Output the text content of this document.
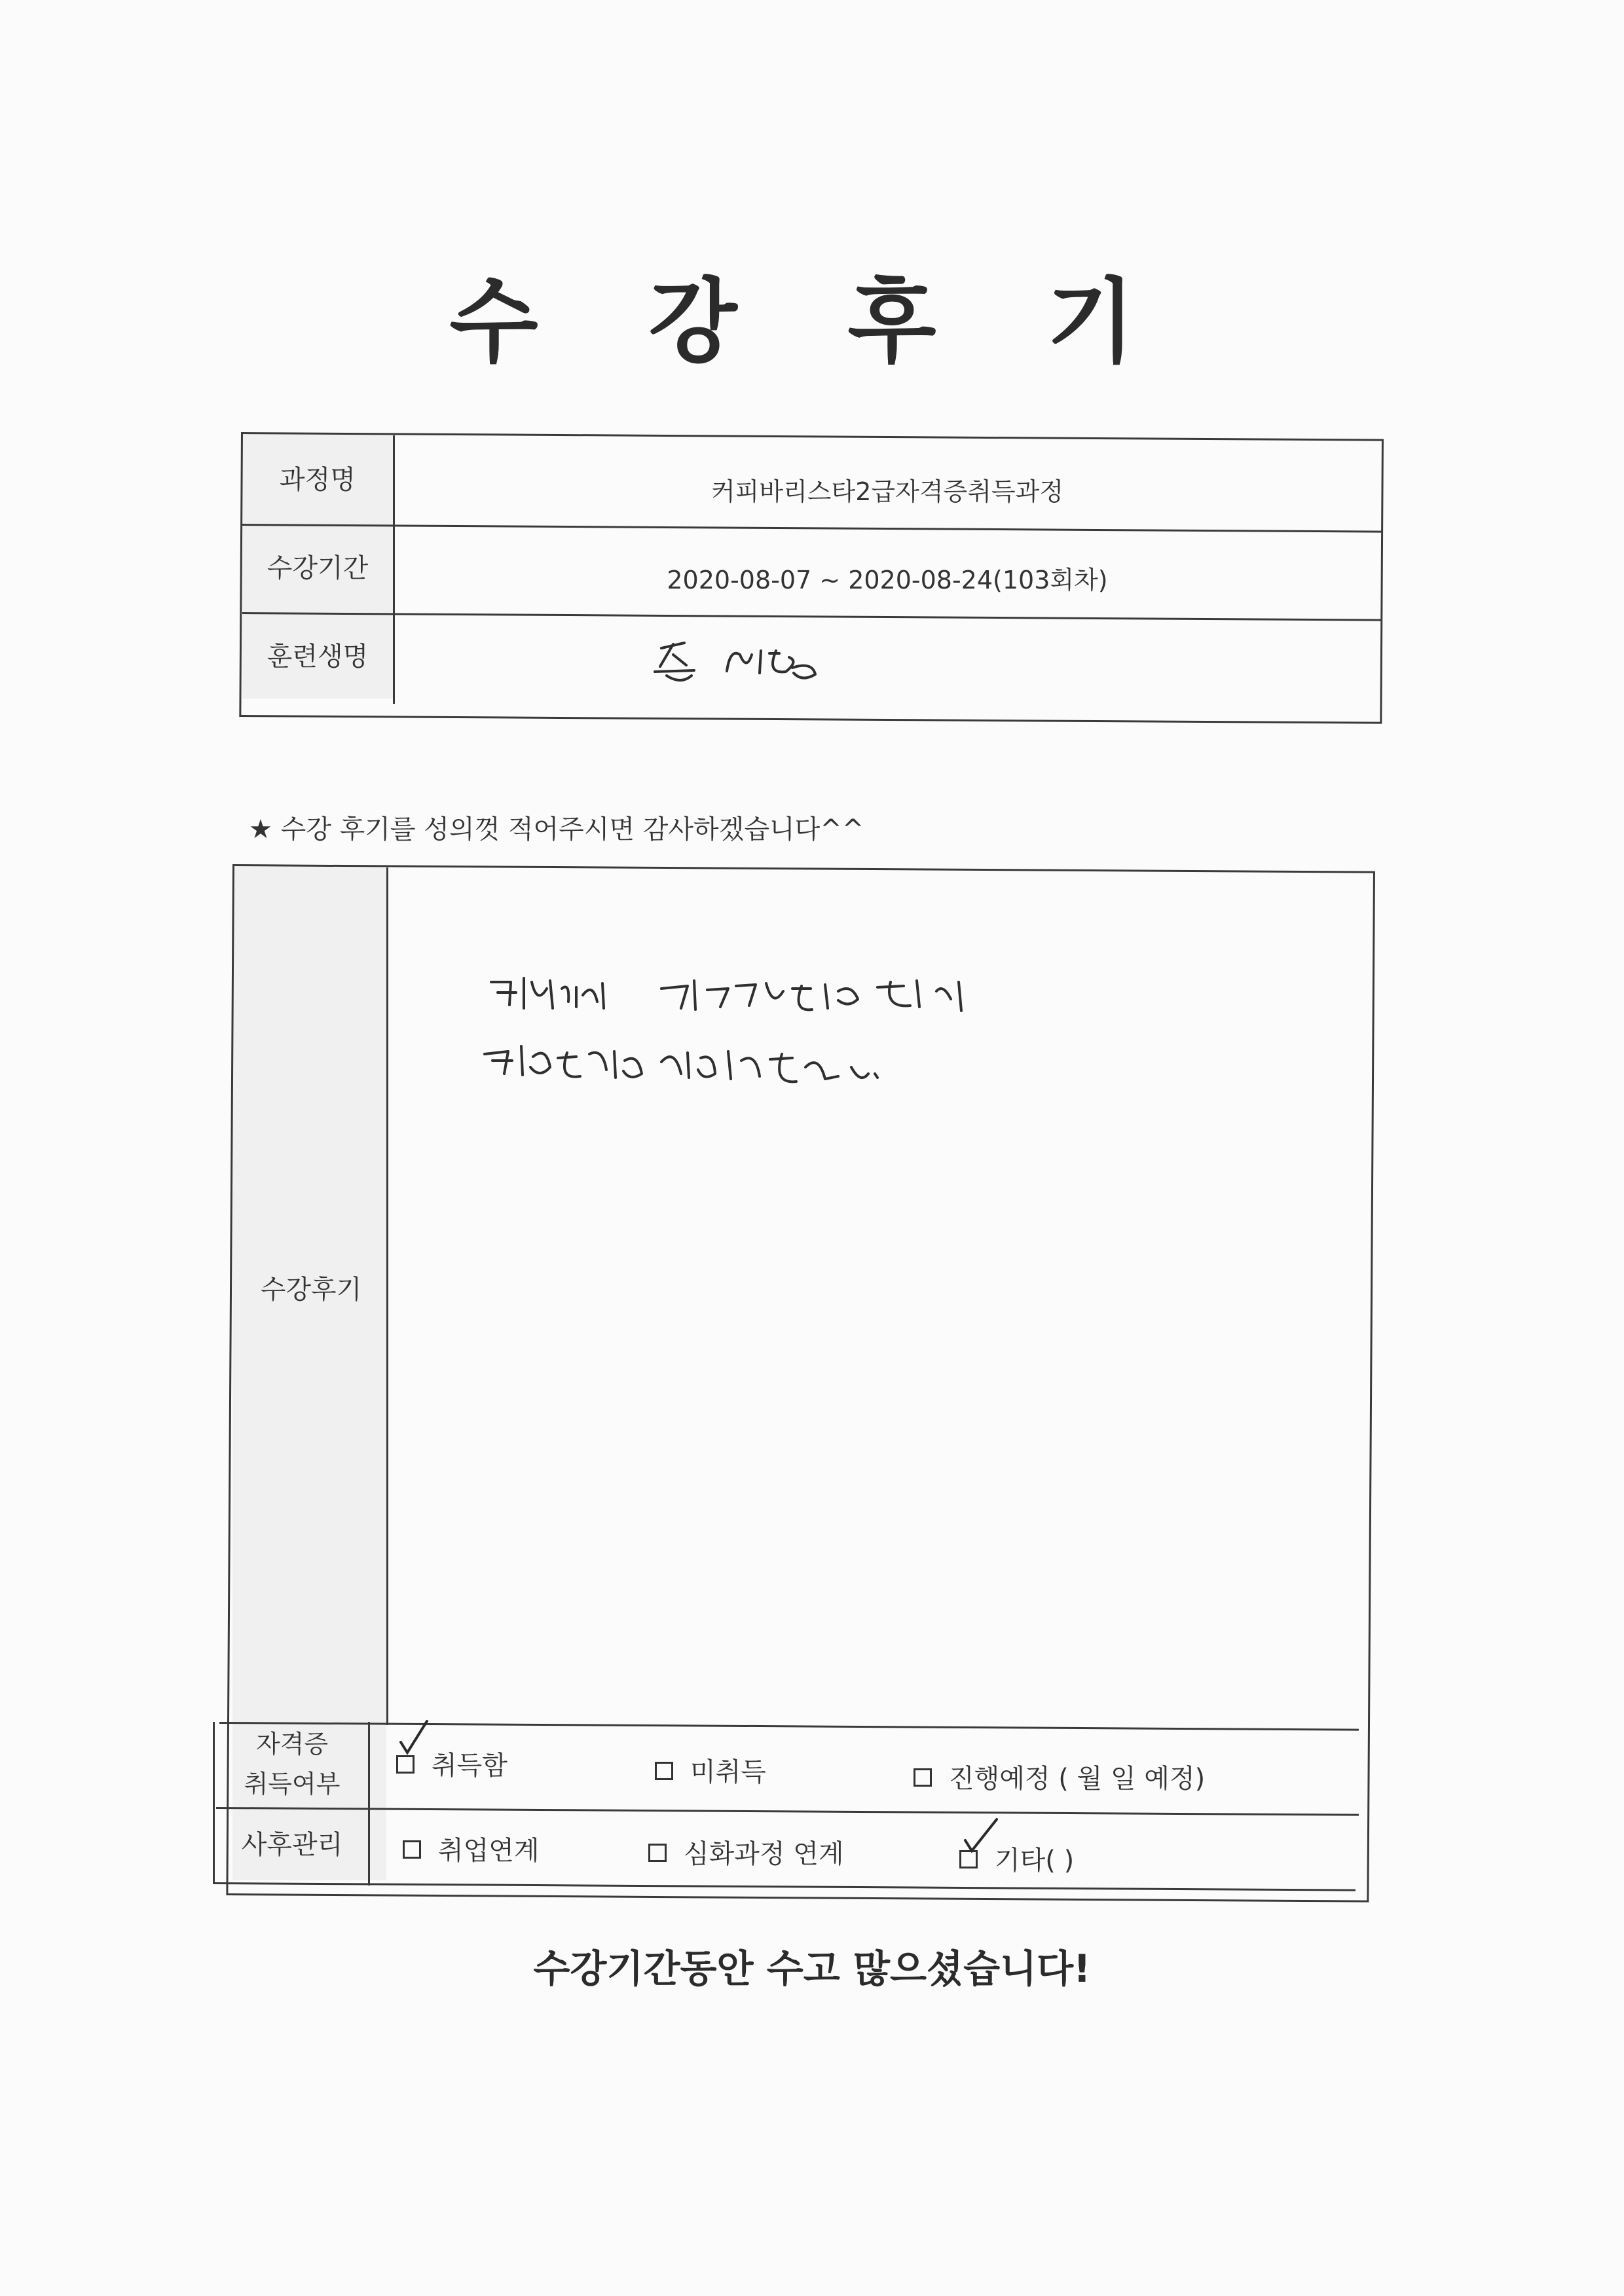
수 강 후 기
과정명	커피바리스타2급자격증취득과정
수강기간	2020-08-07 ~ 2020-08-24(103회차)
훈련생명
★ 수강 후기를 성의껏 적어주시면 감사하겠습니다^^
수강후기
자격증
취득여부
취득함	미취득	진행예정 ( 월 일 예정)
사후관리	취업연계	심화과정 연계	기타( )
수강기간동안 수고 많으셨습니다!
